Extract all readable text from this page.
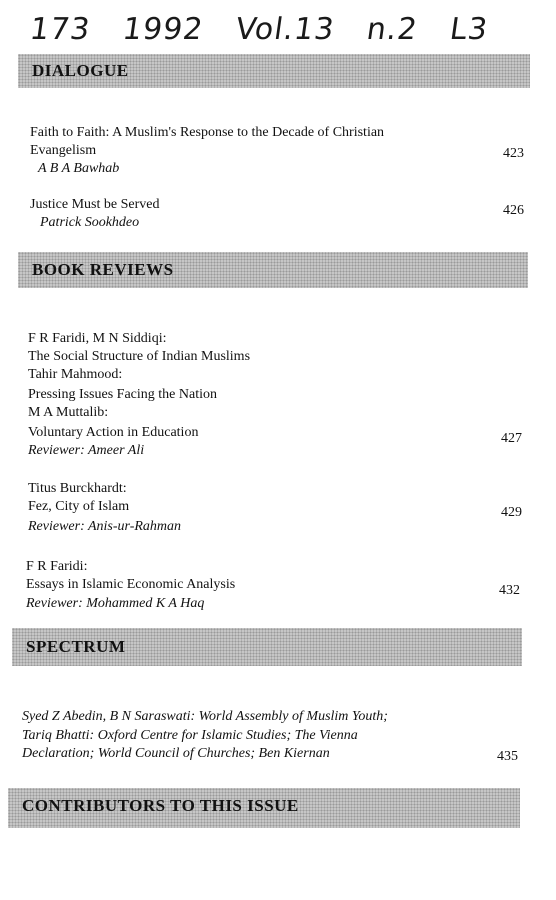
173 1992 Vol.13 n.2 L3
DIALOGUE
Faith to Faith: A Muslim's Response to the Decade of Christian
Evangelism
A B A Bawhab
423
Justice Must be Served
Patrick Sookhdeo
426
BOOK REVIEWS
F R Faridi, M N Siddiqi:
The Social Structure of Indian Muslims
Tahir Mahmood:
Pressing Issues Facing the Nation
M A Muttalib:
Voluntary Action in Education
Reviewer: Ameer Ali
427
Titus Burckhardt:
Fez, City of Islam
Reviewer: Anis-ur-Rahman
429
F R Faridi:
Essays in Islamic Economic Analysis
Reviewer: Mohammed K A Haq
432
SPECTRUM
Syed Z Abedin, B N Saraswati: World Assembly of Muslim Youth;
Tariq Bhatti: Oxford Centre for Islamic Studies; The Vienna
Declaration; World Council of Churches; Ben Kiernan	435
CONTRIBUTORS TO THIS ISSUE
